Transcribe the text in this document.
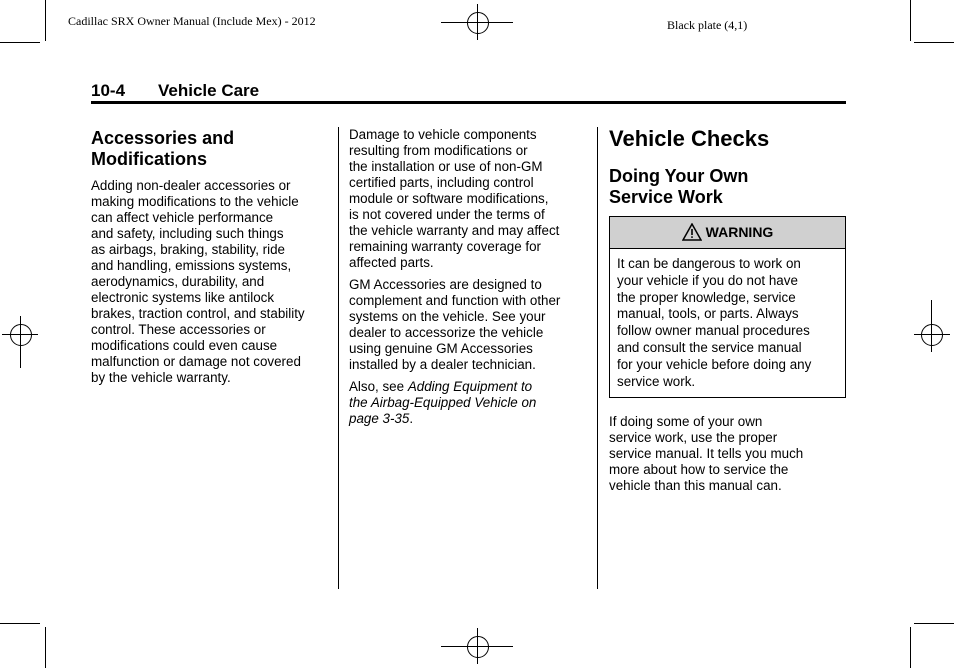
Cadillac SRX Owner Manual (Include Mex) - 2012	Black plate (4,1)
10-4 Vehicle Care
Accessories and
Modifications

Adding non-dealer accessories or
making modifications to the vehicle
can affect vehicle performance
and safety, including such things
as airbags, braking, stability, ride
and handling, emissions systems,
aerodynamics, durability, and
electronic systems like antilock
brakes, traction control, and stability
control. These accessories or
modifications could even cause
malfunction or damage not covered
by the vehicle warranty.

Damage to vehicle components
resulting from modifications or
the installation or use of non-GM
certified parts, including control
module or software modifications,
is not covered under the terms of
the vehicle warranty and may affect
remaining warranty coverage for
affected parts.

GM Accessories are designed to
complement and function with other
systems on the vehicle. See your
dealer to accessorize the vehicle
using genuine GM Accessories
installed by a dealer technician.

Also, see Adding Equipment to
the Airbag-Equipped Vehicle on
page 3-35.

Vehicle Checks
Doing Your Own
Service Work
WARNING
It can be dangerous to work on
your vehicle if you do not have
the proper knowledge, service
manual, tools, or parts. Always
follow owner manual procedures
and consult the service manual
for your vehicle before doing any
service work.

If doing some of your own
service work, use the proper
service manual. It tells you much
more about how to service the
vehicle than this manual can.
